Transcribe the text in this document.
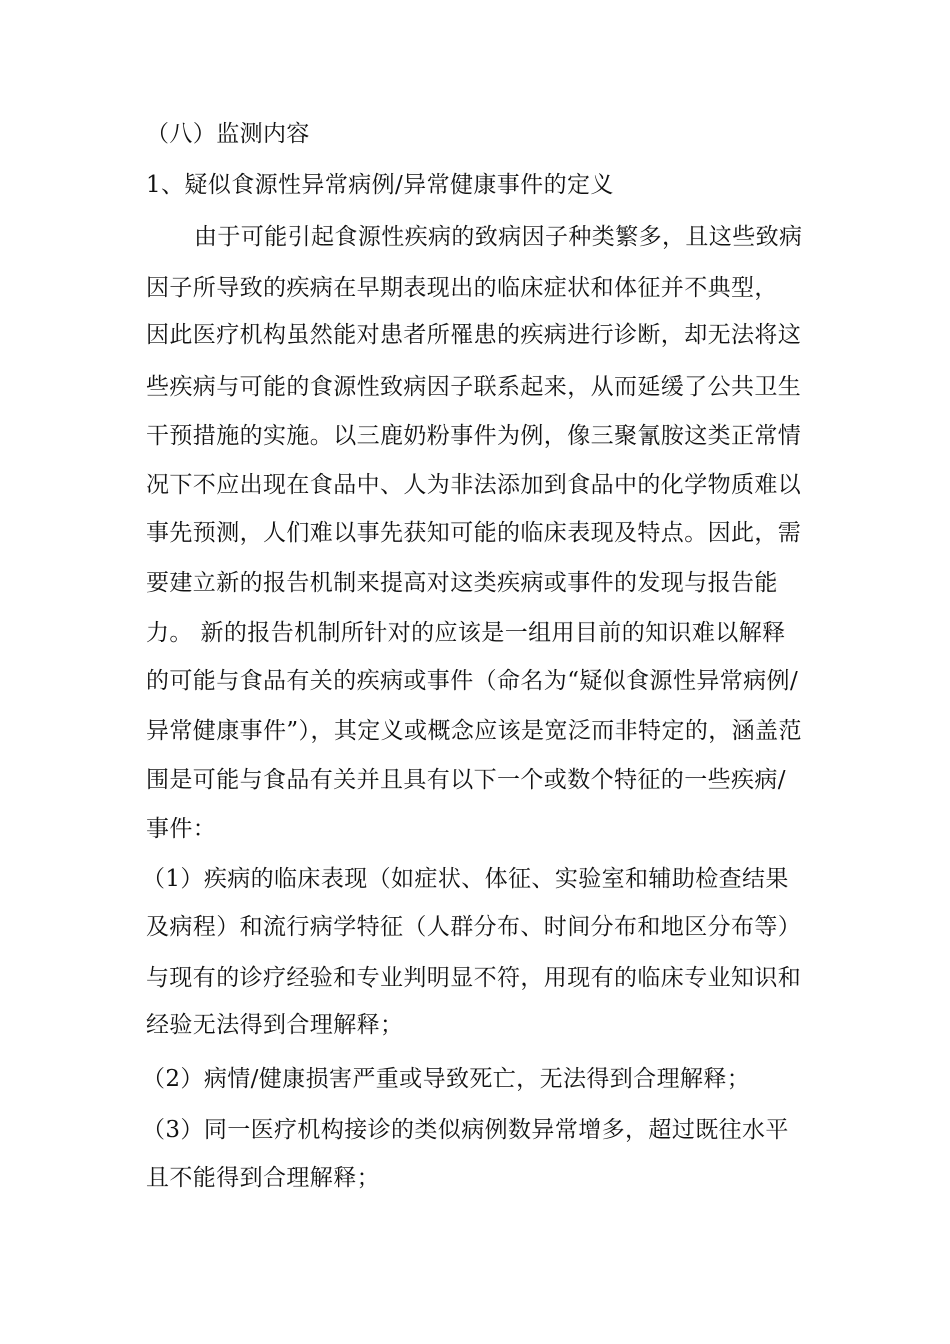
（八）监测内容
1、疑似食源性异常病例/异常健康事件的定义
由于可能引起食源性疾病的致病因子种类繁多，且这些致病
因子所导致的疾病在早期表现出的临床症状和体征并不典型，
因此医疗机构虽然能对患者所罹患的疾病进行诊断，却无法将这
些疾病与可能的食源性致病因子联系起来，从而延缓了公共卫生
干预措施的实施。以三鹿奶粉事件为例，像三聚氰胺这类正常情
况下不应出现在食品中、人为非法添加到食品中的化学物质难以
事先预测，人们难以事先获知可能的临床表现及特点。因此，需
要建立新的报告机制来提高对这类疾病或事件的发现与报告能
力。 新的报告机制所针对的应该是一组用目前的知识难以解释
的可能与食品有关的疾病或事件（命名为“疑似食源性异常病例/
异常健康事件”），其定义或概念应该是宽泛而非特定的，涵盖范
围是可能与食品有关并且具有以下一个或数个特征的一些疾病/
事件：
（1）疾病的临床表现（如症状、体征、实验室和辅助检查结果
及病程）和流行病学特征（人群分布、时间分布和地区分布等）
与现有的诊疗经验和专业判明显不符，用现有的临床专业知识和
经验无法得到合理解释；
（2）病情/健康损害严重或导致死亡，无法得到合理解释；
（3）同一医疗机构接诊的类似病例数异常增多，超过既往水平
且不能得到合理解释；
